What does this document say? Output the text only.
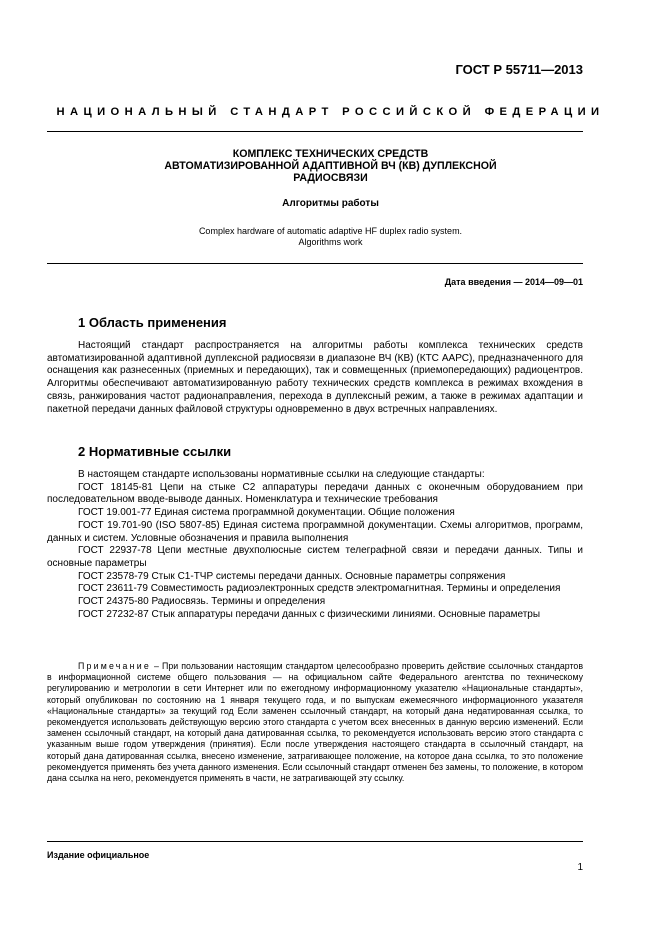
ГОСТ Р 55711—2013
НАЦИОНАЛЬНЫЙ СТАНДАРТ РОССИЙСКОЙ ФЕДЕРАЦИИ
КОМПЛЕКС ТЕХНИЧЕСКИХ СРЕДСТВ
АВТОМАТИЗИРОВАННОЙ АДАПТИВНОЙ ВЧ (КВ) ДУПЛЕКСНОЙ
РАДИОСВЯЗИ
Алгоритмы работы
Complex hardware of automatic adaptive HF duplex radio system.
Algorithms work
Дата введения — 2014—09—01
1 Область применения

Настоящий стандарт распространяется на алгоритмы работы комплекса технических средств автоматизированной адаптивной дуплексной радиосвязи в диапазоне ВЧ (КВ) (КТС ААРС), предназначенного для оснащения как разнесенных (приемных и передающих), так и совмещенных (приемопередающих) радиоцентров. Алгоритмы обеспечивают автоматизированную работу технических средств комплекса в режимах вхождения в связь, ранжирования частот радионаправления, перехода в дуплексный режим, а также в режимах адаптации и пакетной передачи данных файловой структуры одновременно в двух встречных направлениях.

2 Нормативные ссылки

В настоящем стандарте использованы нормативные ссылки на следующие стандарты:

ГОСТ 18145-81 Цепи на стыке С2 аппаратуры передачи данных с оконечным оборудованием при последовательном вводе-выводе данных. Номенклатура и технические требования

ГОСТ 19.001-77 Единая система программной документации. Общие положения

ГОСТ 19.701-90 (ISO 5807-85) Единая система программной документации. Схемы алгоритмов, программ, данных и систем. Условные обозначения и правила выполнения

ГОСТ 22937-78 Цепи местные двухполюсные систем телеграфной связи и передачи данных. Типы и основные параметры

ГОСТ 23578-79 Стык С1-ТЧР системы передачи данных. Основные параметры сопряжения

ГОСТ 23611-79 Совместимость радиоэлектронных средств электромагнитная. Термины и определения

ГОСТ 24375-80 Радиосвязь. Термины и определения

ГОСТ 27232-87 Стык аппаратуры передачи данных с физическими линиями. Основные параметры

Примечание – При пользовании настоящим стандартом целесообразно проверить действие ссылочных стандартов в информационной системе общего пользования — на официальном сайте Федерального агентства по техническому регулированию и метрологии в сети Интернет или по ежегодному информационному указателю «Национальные стандарты», который опубликован по состоянию на 1 января текущего года, и по выпускам ежемесячного информационного указателя «Национальные стандарты» за текущий год Если заменен ссылочный стандарт, на который дана недатированная ссылка, то рекомендуется использовать действующую версию этого стандарта с учетом всех внесенных в данную версию изменений. Если заменен ссылочный стандарт, на который дана датированная ссылка, то рекомендуется использовать версию этого стандарта с указанным выше годом утверждения (принятия). Если после утверждения настоящего стандарта в ссылочный стандарт, на который дана датированная ссылка, внесено изменение, затрагивающее положение, на которое дана ссылка, то это положение рекомендуется применять без учета данного изменения. Если ссылочный стандарт отменен без замены, то положение, в котором дана ссылка на него, рекомендуется применять в части, не затрагивающей эту ссылку.

Издание официальное
1
